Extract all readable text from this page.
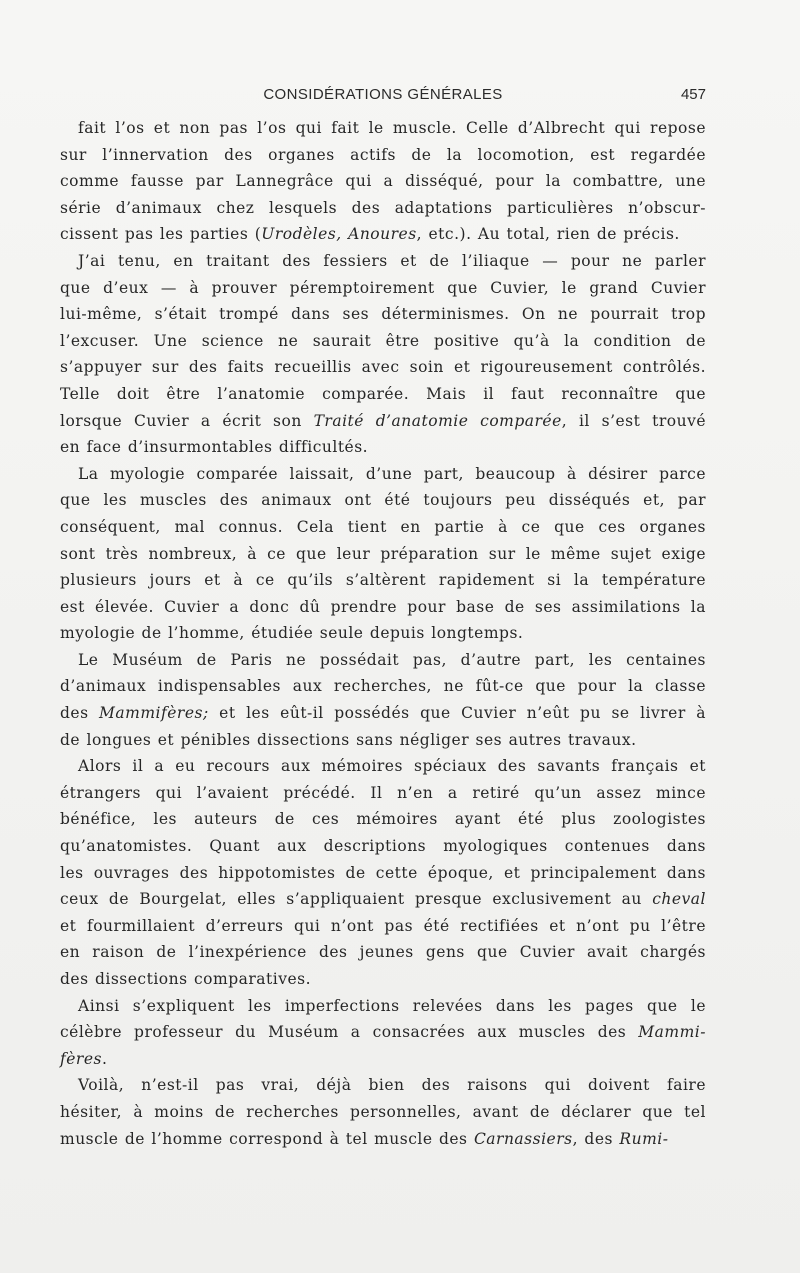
CONSIDÉRATIONS GÉNÉRALES	457
fait l’os et non pas l’os qui fait le muscle. Celle d’Albrecht qui repose
sur l’innervation des organes actifs de la locomotion, est regardée
comme fausse par Lannegrâce qui a disséqué, pour la combattre, une
série d’animaux chez lesquels des adaptations particulières n’obscur-
cissent pas les parties (Urodèles, Anoures, etc.). Au total, rien de précis.
J’ai tenu, en traitant des fessiers et de l’iliaque — pour ne parler
que d’eux — à prouver péremptoirement que Cuvier, le grand Cuvier
lui-même, s’était trompé dans ses déterminismes. On ne pourrait trop
l’excuser. Une science ne saurait être positive qu’à la condition de
s’appuyer sur des faits recueillis avec soin et rigoureusement contrôlés.
Telle doit être l’anatomie comparée. Mais il faut reconnaître que
lorsque Cuvier a écrit son Traité d’anatomie comparée, il s’est trouvé
en face d’insurmontables difficultés.
La myologie comparée laissait, d’une part, beaucoup à désirer parce
que les muscles des animaux ont été toujours peu disséqués et, par
conséquent, mal connus. Cela tient en partie à ce que ces organes
sont très nombreux, à ce que leur préparation sur le même sujet exige
plusieurs jours et à ce qu’ils s’altèrent rapidement si la température
est élevée. Cuvier a donc dû prendre pour base de ses assimilations la
myologie de l’homme, étudiée seule depuis longtemps.
Le Muséum de Paris ne possédait pas, d’autre part, les centaines
d’animaux indispensables aux recherches, ne fût-ce que pour la classe
des Mammifères; et les eût-il possédés que Cuvier n’eût pu se livrer à
de longues et pénibles dissections sans négliger ses autres travaux.
Alors il a eu recours aux mémoires spéciaux des savants français et
étrangers qui l’avaient précédé. Il n’en a retiré qu’un assez mince
bénéfice, les auteurs de ces mémoires ayant été plus zoologistes
qu’anatomistes. Quant aux descriptions myologiques contenues dans
les ouvrages des hippotomistes de cette époque, et principalement dans
ceux de Bourgelat, elles s’appliquaient presque exclusivement au cheval
et fourmillaient d’erreurs qui n’ont pas été rectifiées et n’ont pu l’être
en raison de l’inexpérience des jeunes gens que Cuvier avait chargés
des dissections comparatives.
Ainsi s’expliquent les imperfections relevées dans les pages que le
célèbre professeur du Muséum a consacrées aux muscles des Mammi-
fères.
Voilà, n’est-il pas vrai, déjà bien des raisons qui doivent faire
hésiter, à moins de recherches personnelles, avant de déclarer que tel
muscle de l’homme correspond à tel muscle des Carnassiers, des Rumi-
